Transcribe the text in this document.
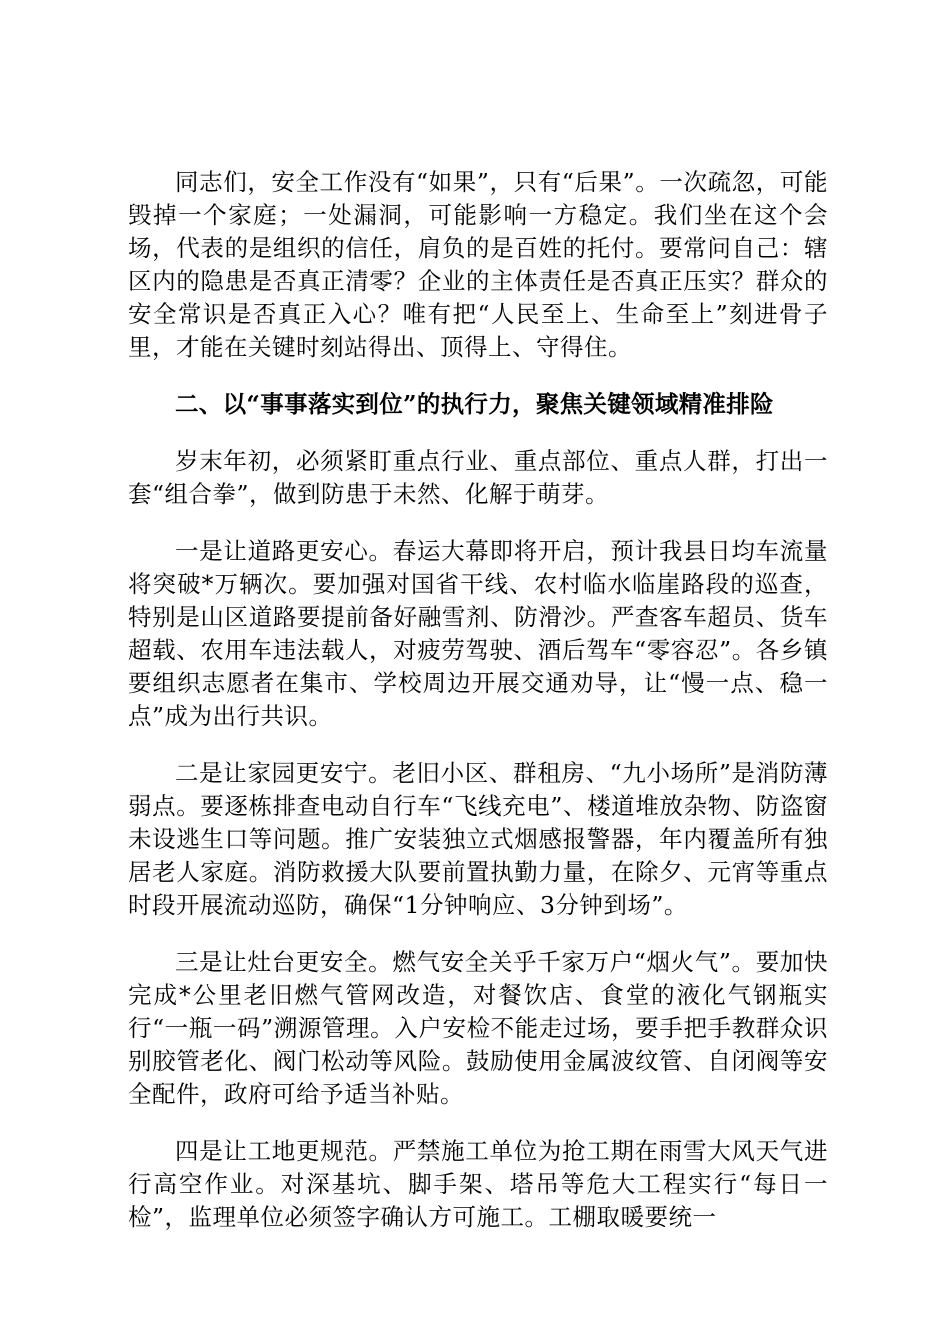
同志们，安全工作没有“如果”，只有“后果”。一次疏忽，可能毁掉一个家庭；一处漏洞，可能影响一方稳定。我们坐在这个会场，代表的是组织的信任，肩负的是百姓的托付。要常问自己：辖区内的隐患是否真正清零？企业的主体责任是否真正压实？群众的安全常识是否真正入心？唯有把“人民至上、生命至上”刻进骨子里，才能在关键时刻站得出、顶得上、守得住。

二、以“事事落实到位”的执行力，聚焦关键领域精准排险

岁末年初，必须紧盯重点行业、重点部位、重点人群，打出一套“组合拳”，做到防患于未然、化解于萌芽。

一是让道路更安心。春运大幕即将开启，预计我县日均车流量将突破*万辆次。要加强对国省干线、农村临水临崖路段的巡查，特别是山区道路要提前备好融雪剂、防滑沙。严查客车超员、货车超载、农用车违法载人，对疲劳驾驶、酒后驾车“零容忍”。各乡镇要组织志愿者在集市、学校周边开展交通劝导，让“慢一点、稳一点”成为出行共识。

二是让家园更安宁。老旧小区、群租房、“九小场所”是消防薄弱点。要逐栋排查电动自行车“飞线充电”、楼道堆放杂物、防盗窗未设逃生口等问题。推广安装独立式烟感报警器，年内覆盖所有独居老人家庭。消防救援大队要前置执勤力量，在除夕、元宵等重点时段开展流动巡防，确保“1分钟响应、3分钟到场”。

三是让灶台更安全。燃气安全关乎千家万户“烟火气”。要加快完成*公里老旧燃气管网改造，对餐饮店、食堂的液化气钢瓶实行“一瓶一码”溯源管理。入户安检不能走过场，要手把手教群众识别胶管老化、阀门松动等风险。鼓励使用金属波纹管、自闭阀等安全配件，政府可给予适当补贴。

四是让工地更规范。严禁施工单位为抢工期在雨雪大风天气进行高空作业。对深基坑、脚手架、塔吊等危大工程实行“每日一检”，监理单位必须签字确认方可施工。工棚取暖要统一
